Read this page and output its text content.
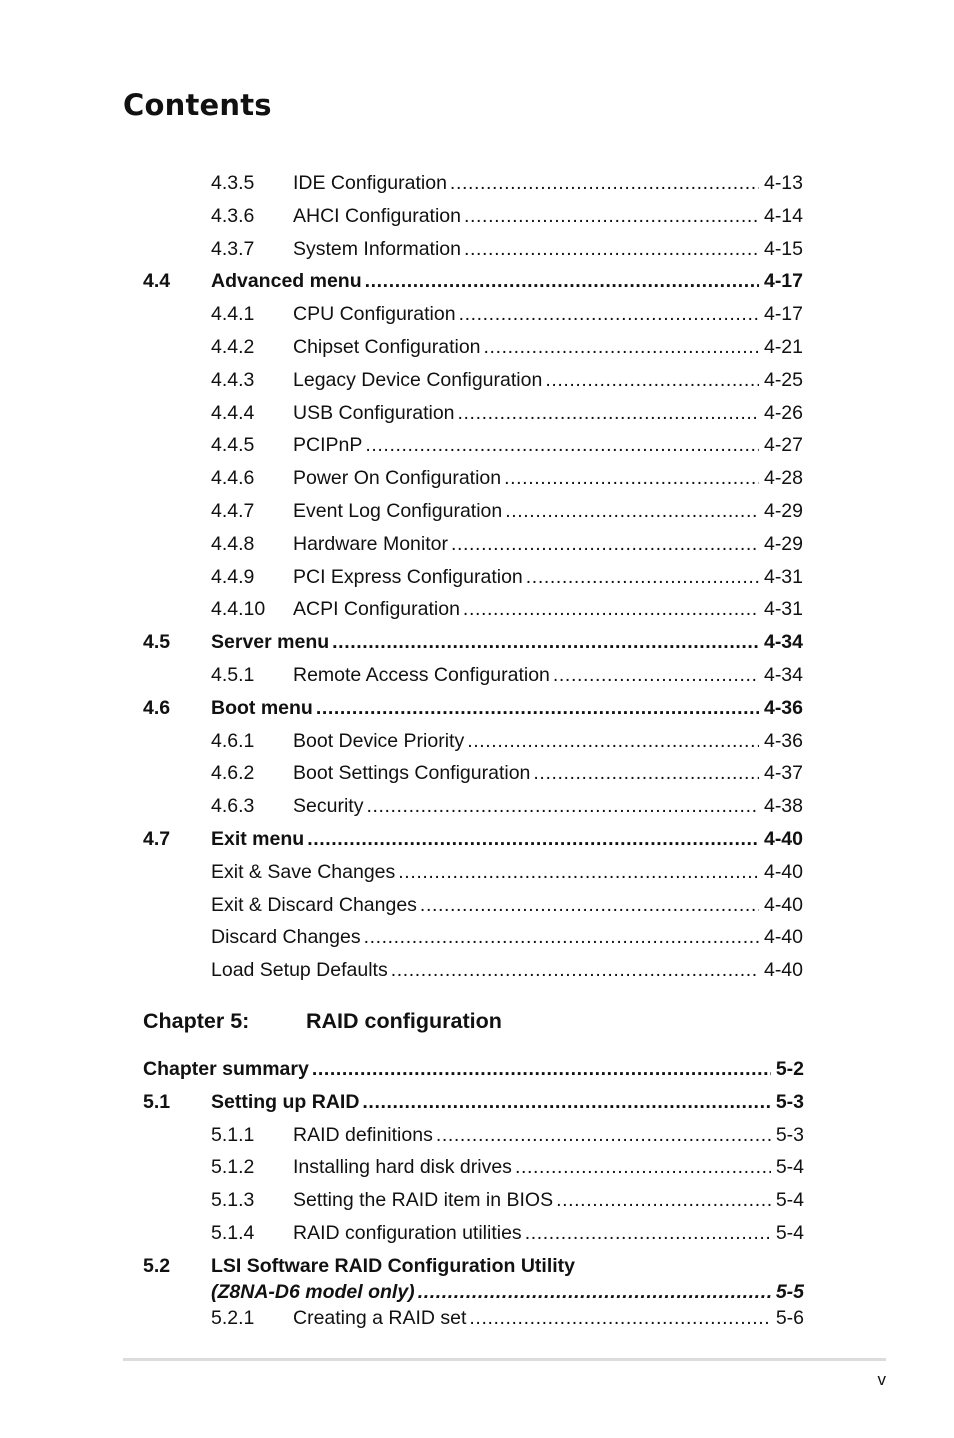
Contents
4.3.5 IDE Configuration .....	4-13
4.3.6 AHCI Configuration .....	4-14
4.3.7 System Information .....	4-15
4.4 Advanced menu .....	4-17
4.4.1 CPU Configuration .....	4-17
4.4.2 Chipset Configuration .....	4-21
4.4.3 Legacy Device Configuration .....	4-25
4.4.4 USB Configuration .....	4-26
4.4.5 PCIPnP .....	4-27
4.4.6 Power On Configuration .....	4-28
4.4.7 Event Log Configuration .....	4-29
4.4.8 Hardware Monitor .....	4-29
4.4.9 PCI Express Configuration .....	4-31
4.4.10 ACPI Configuration .....	4-31
4.5 Server menu .....	4-34
4.5.1 Remote Access Configuration .....	4-34
4.6 Boot menu .....	4-36
4.6.1 Boot Device Priority .....	4-36
4.6.2 Boot Settings Configuration .....	4-37
4.6.3 Security .....	4-38
4.7 Exit menu .....	4-40
Exit & Save Changes .....	4-40
Exit & Discard Changes .....	4-40
Discard Changes .....	4-40
Load Setup Defaults .....	4-40
Chapter 5:	RAID configuration
Chapter summary .....	5-2
5.1 Setting up RAID .....	5-3
5.1.1 RAID definitions .....	5-3
5.1.2 Installing hard disk drives .....	5-4
5.1.3 Setting the RAID item in BIOS .....	5-4
5.1.4 RAID configuration utilities .....	5-4
5.2 LSI Software RAID Configuration Utility
(Z8NA-D6 model only) .....	5-5
5.2.1 Creating a RAID set .....	5-6
v
